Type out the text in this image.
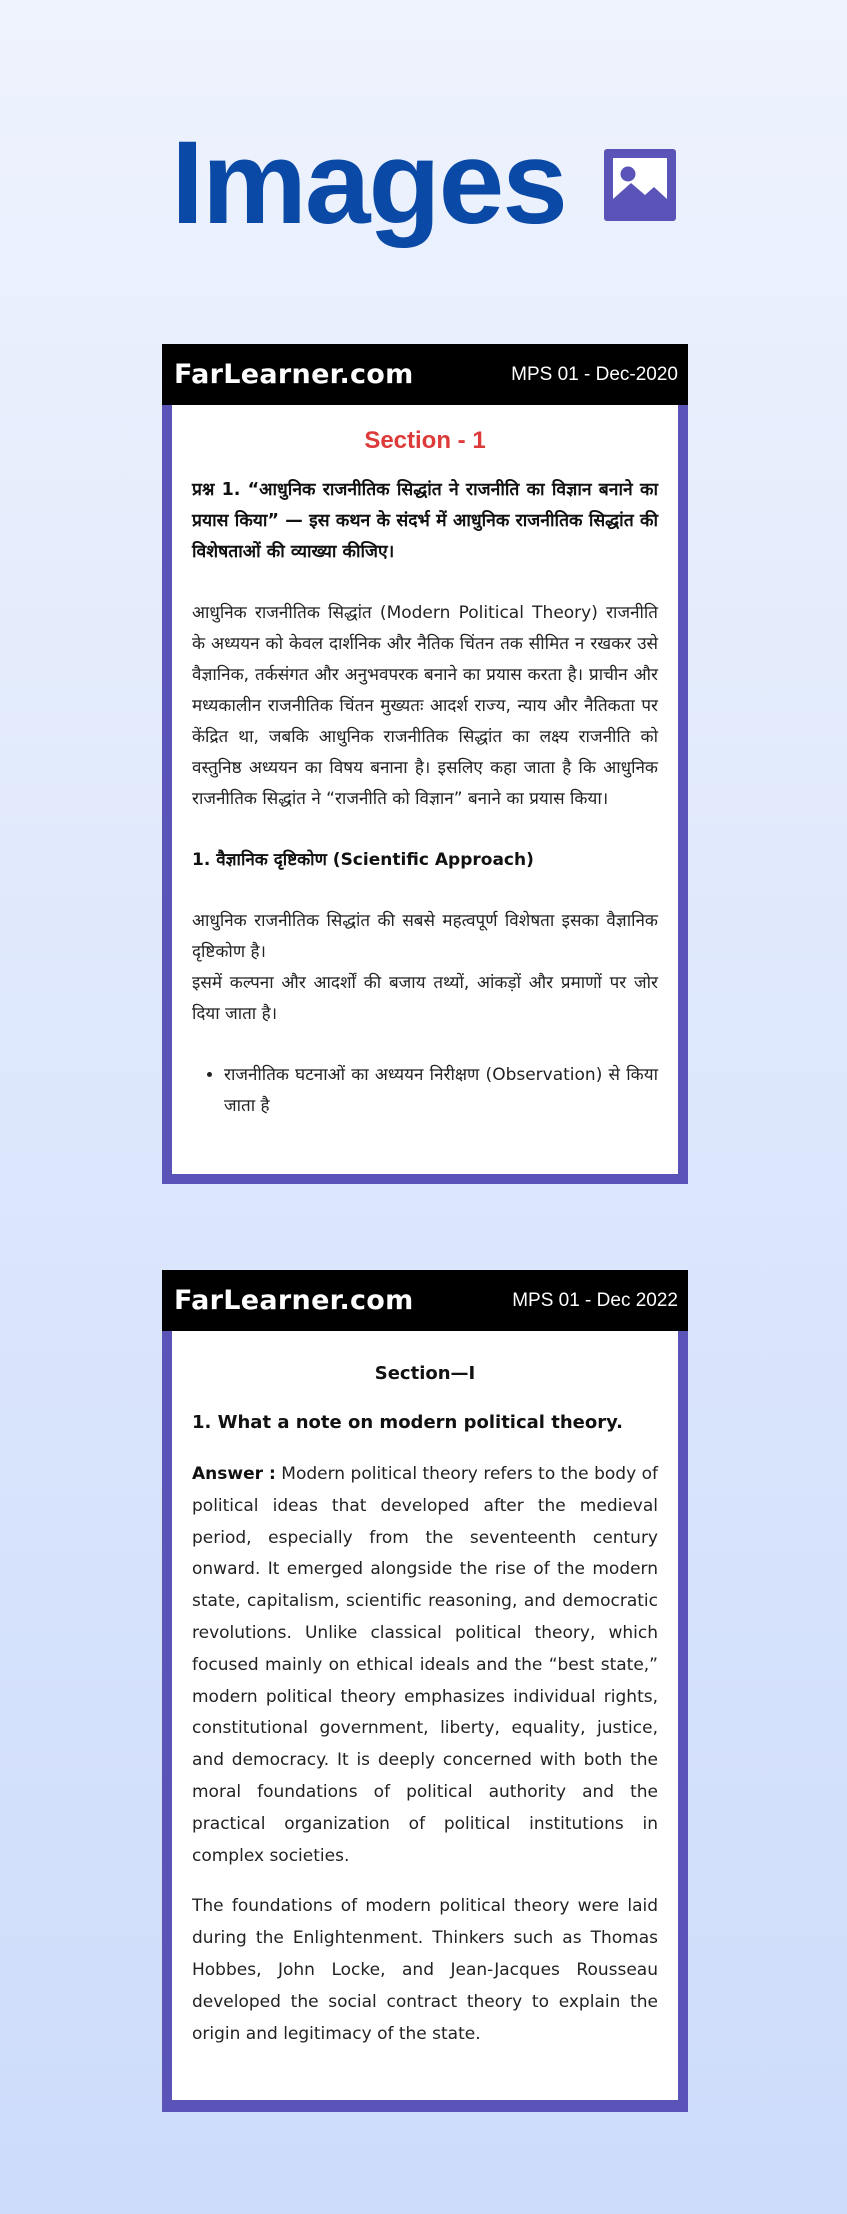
Images
FarLearner.com	MPS 01 - Dec-2020
Section - 1

प्रश्न 1. “आधुनिक राजनीतिक सिद्धांत ने राजनीति का विज्ञान बनाने का प्रयास किया” — इस कथन के संदर्भ में आधुनिक राजनीतिक सिद्धांत की विशेषताओं की व्याख्या कीजिए।

आधुनिक राजनीतिक सिद्धांत (Modern Political Theory) राजनीति के अध्ययन को केवल दार्शनिक और नैतिक चिंतन तक सीमित न रखकर उसे वैज्ञानिक, तर्कसंगत और अनुभवपरक बनाने का प्रयास करता है। प्राचीन और मध्यकालीन राजनीतिक चिंतन मुख्यतः आदर्श राज्य, न्याय और नैतिकता पर केंद्रित था, जबकि आधुनिक राजनीतिक सिद्धांत का लक्ष्य राजनीति को वस्तुनिष्ठ अध्ययन का विषय बनाना है। इसलिए कहा जाता है कि आधुनिक राजनीतिक सिद्धांत ने “राजनीति को विज्ञान” बनाने का प्रयास किया।

1. वैज्ञानिक दृष्टिकोण (Scientific Approach)

आधुनिक राजनीतिक सिद्धांत की सबसे महत्वपूर्ण विशेषता इसका वैज्ञानिक दृष्टिकोण है।

इसमें कल्पना और आदर्शों की बजाय तथ्यों, आंकड़ों और प्रमाणों पर जोर दिया जाता है।

• राजनीतिक घटनाओं का अध्ययन निरीक्षण (Observation) से किया जाता है
FarLearner.com	MPS 01 - Dec 2022
Section—I

1. What a note on modern political theory.

Answer : Modern political theory refers to the body of political ideas that developed after the medieval period, especially from the seventeenth century onward. It emerged alongside the rise of the modern state, capitalism, scientific reasoning, and democratic revolutions. Unlike classical political theory, which focused mainly on ethical ideals and the “best state,” modern political theory emphasizes individual rights, constitutional government, liberty, equality, justice, and democracy. It is deeply concerned with both the moral foundations of political authority and the practical organization of political institutions in complex societies.

The foundations of modern political theory were laid during the Enlightenment. Thinkers such as Thomas Hobbes, John Locke, and Jean-Jacques Rousseau developed the social contract theory to explain the origin and legitimacy of the state.
